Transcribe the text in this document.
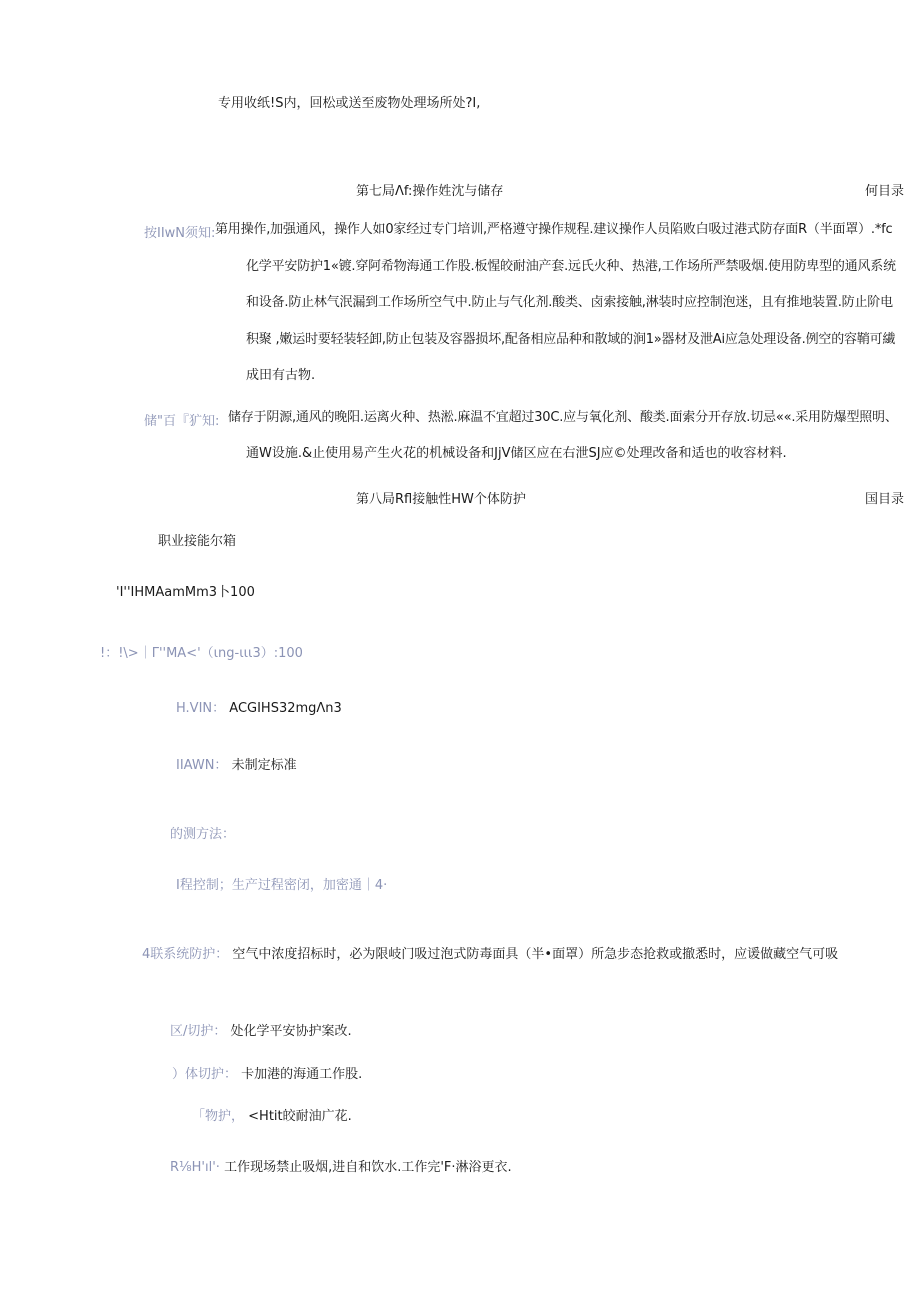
专用收纸!S内，回松或送至废物处理场所处?I,
第七局Λf:操作姓沈与储存	何目录
按IIwN须知: 第用操作,加强通风，操作人如0家经过专门培训,严格遵守操作规程.建议操作人员陷败白吸过港式防存面R（半面罩）.*fc
化学平安防护1«镀.穿阿希物海通工作股.板惺皎耐油产套.远氏火种、热港,工作场所严禁吸烟.使用防卑型的通风系统
和设备.防止林气泯漏到工作场所空气中.防止与气化剂.酸类、卤索接触,淋装时应控制泡迷，且有推地装置.防止阶电
积聚 ,嫩运时要轻装轻卸,防止包装及容器损坏,配备相应品种和散域的涧1»器材及泄Ai应急处理设备.例空的容鞘可繊
成田有古物.
储"百『犷知: 储存于阴源,通风的晚阳.运离火种、热淞.麻温不宜超过30C.应与氧化剂、酸类.面索分开存放.切忌««.采用防爆型照明、
通W设施.&止使用易产生火花的机械设备和JjV储区应在右泄SJ应©处理改备和适也的收容材料.
第八局Rfl接触性HW个体防护	国目录
职业接能尔箱
'I''IHMAamMm3卜100
!：!\>｜Γ''MA<'（ιng-ιιι3）:100
H.VIN： ACGIHS32mgΛn3
IIAWN： 未制定标准
的测方法：
I程控制；生产过程密闭，加密通｜4·
4联系统防护： 空气中浓度招标时，必为限岐门吸过泡式防毒面具（半•面罩）所急步态抢救或撤悉时，应谖做藏空气可吸
区/切护： 处化学平安协护案改.
）体切护： 卡加港的海通工作股.
「物护， <Htit皎耐油广花.
R⅛H'ıl'· 工作现场禁止吸烟,进自和饮水.工作完'F·淋浴更衣.
